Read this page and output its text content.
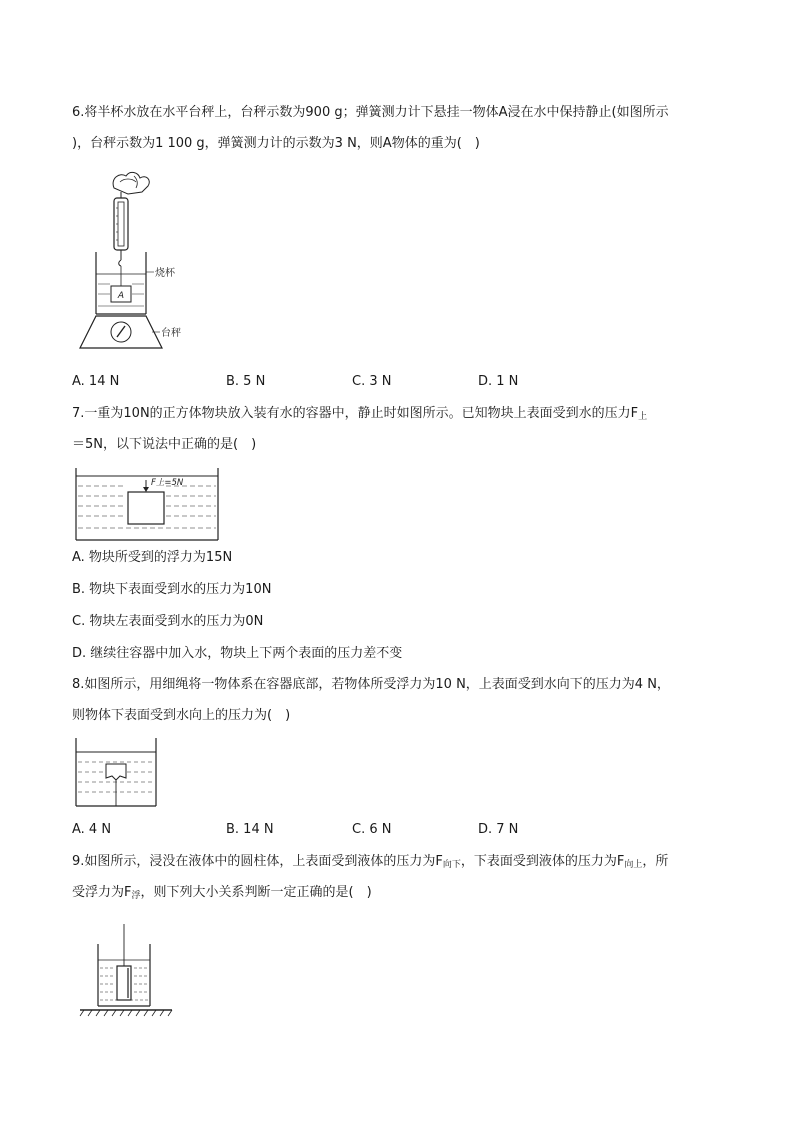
6.将半杯水放在水平台秤上，台秤示数为900 g；弹簧测力计下悬挂一物体A浸在水中保持静止(如图所示
)，台秤示数为1 100 g，弹簧测力计的示数为3 N，则A物体的重为(　)
A
烧杯
台秤
A. 14 N	B. 5 N	C. 3 N	D. 1 N
7.一重为10N的正方体物块放入装有水的容器中，静止时如图所示。已知物块上表面受到水的压力$F_上$
＝5N，以下说法中正确的是(　)
F上=5N
A. 物块所受到的浮力为15N
B. 物块下表面受到水的压力为10N
C. 物块左表面受到水的压力为0N
D. 继续往容器中加入水，物块上下两个表面的压力差不变
8.如图所示，用细绳将一物体系在容器底部，若物体所受浮力为10 N，上表面受到水向下的压力为4 N，
则物体下表面受到水向上的压力为(　)
A. 4 N	B. 14 N	C. 6 N	D. 7 N
9.如图所示，浸没在液体中的圆柱体，上表面受到液体的压力为$F_{向下}$，下表面受到液体的压力为$F_{向上}$，所
受浮力为$F_浮$，则下列大小关系判断一定正确的是(　)
